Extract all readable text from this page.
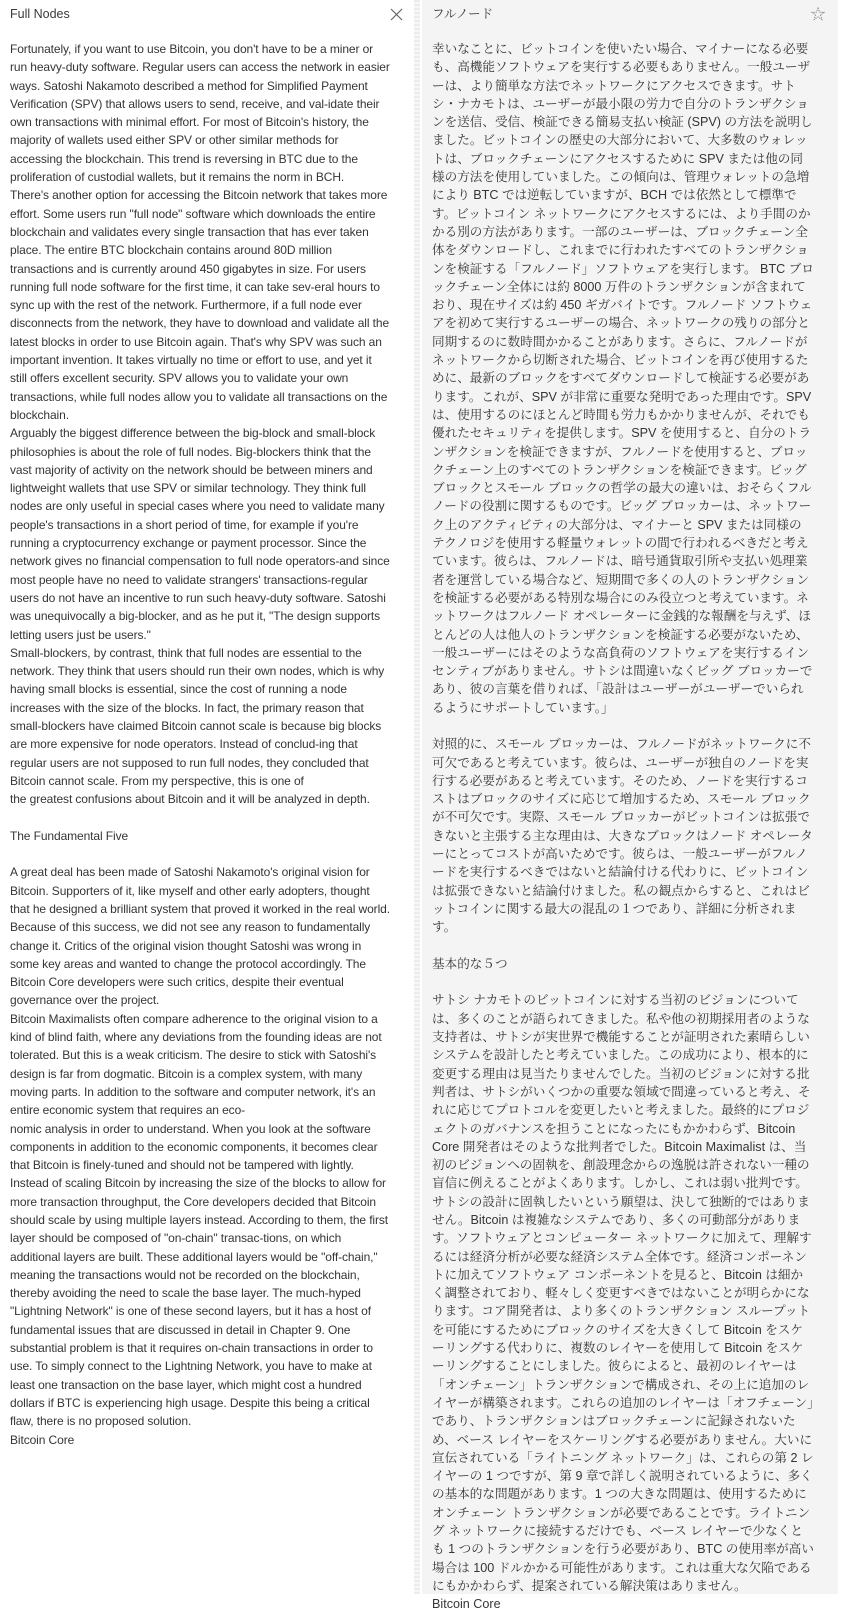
Full Nodes

Fortunately, if you want to use Bitcoin, you don't have to be a miner or run heavy-duty software. Regular users can access the network in easier ways. Satoshi Nakamoto described a method for Simplified Payment Verification (SPV) that allows users to send, receive, and val-idate their own transactions with minimal effort. For most of Bitcoin's history, the majority of wallets used either SPV or other similar methods for accessing the blockchain. This trend is reversing in BTC due to the proliferation of custodial wallets, but it remains the norm in BCH.

There's another option for accessing the Bitcoin network that takes more effort. Some users run "full node" software which downloads the entire blockchain and validates every single transaction that has ever taken place. The entire BTC blockchain contains around 80D million transactions and is currently around 450 gigabytes in size. For users running full node software for the first time, it can take sev-eral hours to sync up with the rest of the network. Furthermore, if a full node ever disconnects from the network, they have to download and validate all the latest blocks in order to use Bitcoin again. That's why SPV was such an important invention. It takes virtually no time or effort to use, and yet it still offers excellent security. SPV allows you to validate your own transactions, while full nodes allow you to validate all transactions on the blockchain.

Arguably the biggest difference between the big-block and small-block philosophies is about the role of full nodes. Big-blockers think that the vast majority of activity on the network should be between miners and lightweight wallets that use SPV or similar technology. They think full nodes are only useful in special cases where you need to validate many people's transactions in a short period of time, for example if you're running a cryptocurrency exchange or payment processor. Since the network gives no financial compensation to full node operators-and since most people have no need to validate strangers' transactions-regular users do not have an incentive to run such heavy-duty software. Satoshi was unequivocally a big-blocker, and as he put it, "The design supports letting users just be users."

Small-blockers, by contrast, think that full nodes are essential to the network. They think that users should run their own nodes, which is why having small blocks is essential, since the cost of running a node increases with the size of the blocks. In fact, the primary reason that small-blockers have claimed Bitcoin cannot scale is because big blocks are more expensive for node operators. Instead of conclud-ing that regular users are not supposed to run full nodes, they concluded that Bitcoin cannot scale. From my perspective, this is one of

the greatest confusions about Bitcoin and it will be analyzed in depth.

The Fundamental Five

A great deal has been made of Satoshi Nakamoto's original vision for Bitcoin. Supporters of it, like myself and other early adopters, thought that he designed a brilliant system that proved it worked in the real world. Because of this success, we did not see any reason to fundamentally change it. Critics of the original vision thought Satoshi was wrong in some key areas and wanted to change the protocol accordingly. The Bitcoin Core developers were such critics, despite their eventual governance over the project.

Bitcoin Maximalists often compare adherence to the original vision to a kind of blind faith, where any deviations from the founding ideas are not tolerated. But this is a weak criticism. The desire to stick with Satoshi's design is far from dogmatic. Bitcoin is a complex system, with many moving parts. In addition to the software and computer network, it's an entire economic system that requires an eco-

nomic analysis in order to understand. When you look at the software components in addition to the economic components, it becomes clear that Bitcoin is finely-tuned and should not be tampered with lightly.

Instead of scaling Bitcoin by increasing the size of the blocks to allow for more transaction throughput, the Core developers decided that Bitcoin should scale by using multiple layers instead. According to them, the first layer should be composed of "on-chain" transac-tions, on which additional layers are built. These additional layers would be "off-chain," meaning the transactions would not be recorded on the blockchain, thereby avoiding the need to scale the base layer. The much-hyped "Lightning Network" is one of these second layers, but it has a host of fundamental issues that are discussed in detail in Chapter 9. One substantial problem is that it requires on-chain transactions in order to use. To simply connect to the Lightning Network, you have to make at least one transaction on the base layer, which might cost a hundred dollars if BTC is experiencing high usage. Despite this being a critical flaw, there is no proposed solution.

Bitcoin Core

フルノード

幸いなことに、ビットコインを使いたい場合、マイナーになる必要も、高機能ソフトウェアを実行する必要もありません。一般ユーザーは、より簡単な方法でネットワークにアクセスできます。サトシ・ナカモトは、ユーザーが最小限の労力で自分のトランザクションを送信、受信、検証できる簡易支払い検証 (SPV) の方法を説明しました。ビットコインの歴史の大部分において、大多数のウォレットは、ブロックチェーンにアクセスするために SPV または他の同様の方法を使用していました。この傾向は、管理ウォレットの急増により BTC では逆転していますが、BCH では依然として標準です。ビットコイン ネットワークにアクセスするには、より手間のかかる別の方法があります。一部のユーザーは、ブロックチェーン全体をダウンロードし、これまでに行われたすべてのトランザクションを検証する「フルノード」ソフトウェアを実行します。 BTC ブロックチェーン全体には約 8000 万件のトランザクションが含まれており、現在サイズは約 450 ギガバイトです。フルノード ソフトウェアを初めて実行するユーザーの場合、ネットワークの残りの部分と同期するのに数時間かかることがあります。さらに、フルノードがネットワークから切断された場合、ビットコインを再び使用するために、最新のブロックをすべてダウンロードして検証する必要があります。これが、SPV が非常に重要な発明であった理由です。SPV は、使用するのにほとんど時間も労力もかかりませんが、それでも優れたセキュリティを提供します。SPV を使用すると、自分のトランザクションを検証できますが、フルノードを使用すると、ブロックチェーン上のすべてのトランザクションを検証できます。ビッグ ブロックとスモール ブロックの哲学の最大の違いは、おそらくフルノードの役割に関するものです。ビッグ ブロッカーは、ネットワーク上のアクティビティの大部分は、マイナーと SPV または同様のテクノロジを使用する軽量ウォレットの間で行われるべきだと考えています。彼らは、フルノードは、暗号通貨取引所や支払い処理業者を運営している場合など、短期間で多くの人のトランザクションを検証する必要がある特別な場合にのみ役立つと考えています。ネットワークはフルノード オペレーターに金銭的な報酬を与えず、ほとんどの人は他人のトランザクションを検証する必要がないため、一般ユーザーにはそのような高負荷のソフトウェアを実行するインセンティブがありません。サトシは間違いなくビッグ ブロッカーであり、彼の言葉を借りれば、「設計はユーザーがユーザーでいられるようにサポートしています。」

対照的に、スモール ブロッカーは、フルノードがネットワークに不可欠であると考えています。彼らは、ユーザーが独自のノードを実行する必要があると考えています。そのため、ノードを実行するコストはブロックのサイズに応じて増加するため、スモール ブロックが不可欠です。実際、スモール ブロッカーがビットコインは拡張できないと主張する主な理由は、大きなブロックはノード オペレーターにとってコストが高いためです。彼らは、一般ユーザーがフルノードを実行するべきではないと結論付ける代わりに、ビットコインは拡張できないと結論付けました。私の観点からすると、これはビットコインに関する最大の混乱の１つであり、詳細に分析されます。

基本的な５つ

サトシ ナカモトのビットコインに対する当初のビジョンについては、多くのことが語られてきました。私や他の初期採用者のような支持者は、サトシが実世界で機能することが証明された素晴らしいシステムを設計したと考えていました。この成功により、根本的に変更する理由は見当たりませんでした。当初のビジョンに対する批判者は、サトシがいくつかの重要な領域で間違っていると考え、それに応じてプロトコルを変更したいと考えました。最終的にプロジェクトのガバナンスを担うことになったにもかかわらず、Bitcoin Core 開発者はそのような批判者でした。Bitcoin Maximalist は、当初のビジョンへの固執を、創設理念からの逸脱は許されない一種の盲信に例えることがよくあります。しかし、これは弱い批判です。サトシの設計に固執したいという願望は、決して独断的ではありません。Bitcoin は複雑なシステムであり、多くの可動部分があります。ソフトウェアとコンピューター ネットワークに加えて、理解するには経済分析が必要な経済システム全体です。経済コンポーネントに加えてソフトウェア コンポーネントを見ると、Bitcoin は細かく調整されており、軽々しく変更すべきではないことが明らかになります。コア開発者は、より多くのトランザクション スループットを可能にするためにブロックのサイズを大きくして Bitcoin をスケーリングする代わりに、複数のレイヤーを使用して Bitcoin をスケーリングすることにしました。彼らによると、最初のレイヤーは「オンチェーン」トランザクションで構成され、その上に追加のレイヤーが構築されます。これらの追加のレイヤーは「オフチェーン」であり、トランザクションはブロックチェーンに記録されないため、ベース レイヤーをスケーリングする必要がありません。大いに宣伝されている「ライトニング ネットワーク」は、これらの第 2 レイヤーの 1 つですが、第 9 章で詳しく説明されているように、多くの基本的な問題があります。1 つの大きな問題は、使用するためにオンチェーン トランザクションが必要であることです。ライトニング ネットワークに接続するだけでも、ベース レイヤーで少なくとも 1 つのトランザクションを行う必要があり、BTC の使用率が高い場合は 100 ドルかかる可能性があります。これは重大な欠陥であるにもかかわらず、提案されている解決策はありません。

Bitcoin Core
